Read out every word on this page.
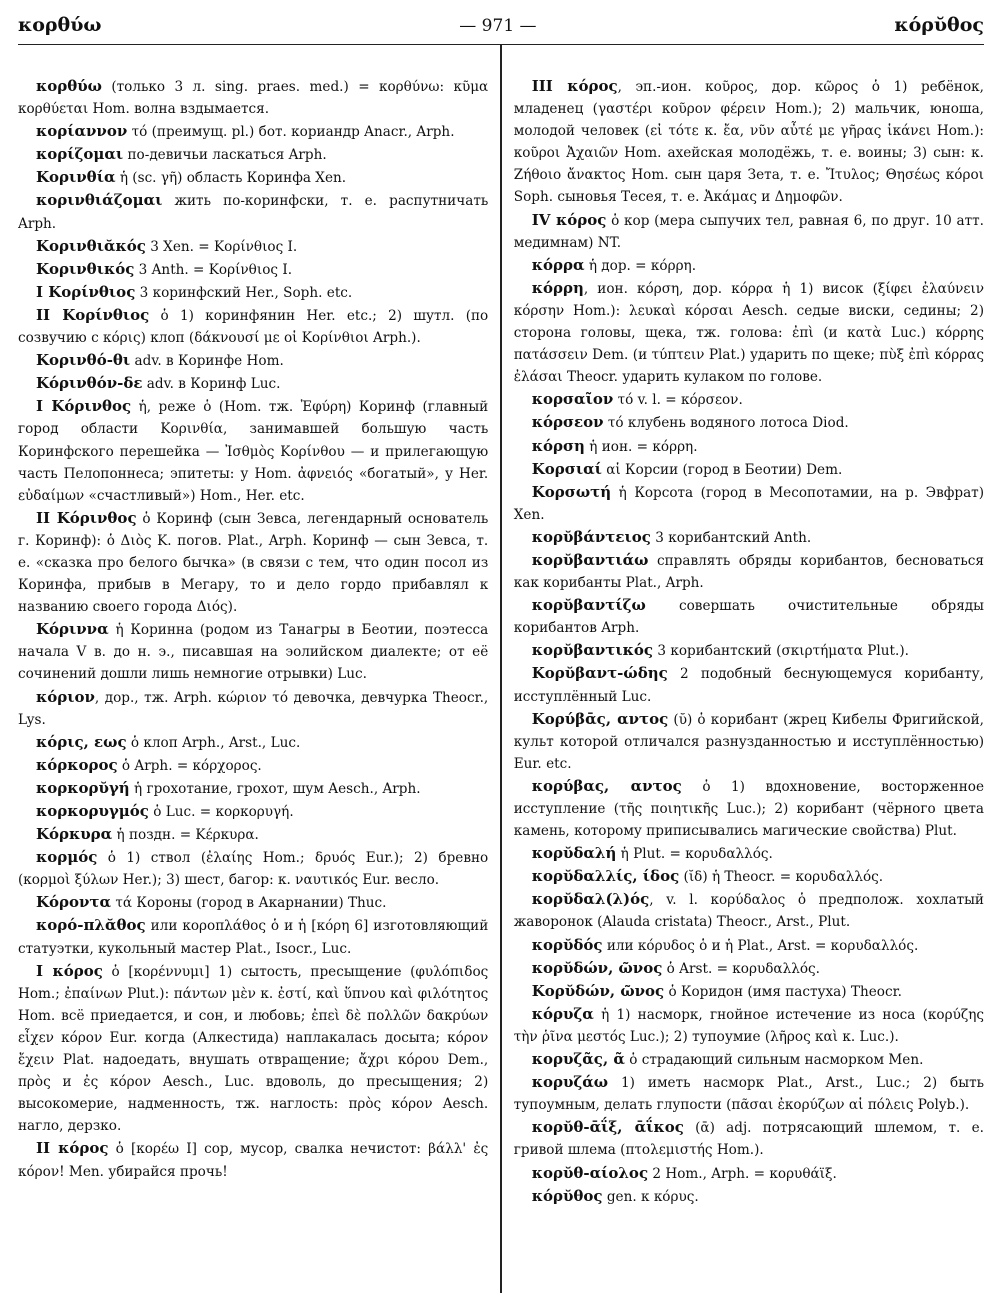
κορθύω	— 971 —	κόρῠθος

κορθύω (только 3 л. sing. praes. med.) = κορθύνω: κῦμα κορθύεται Hom. волна вздымается.

κορίαννον τό (преимущ. pl.) бот. кориандр Anacr., Arph.

κορίζομαι по-девичьи ласкаться Arph.

Κορινθία ἡ (sc. γῆ) область Коринфа Xen.

κορινθιάζομαι жить по-коринфски, т. е. распутничать Arph.

Κορινθιᾰκός 3 Xen. = Κορίνθιος I.

Κορινθικός 3 Anth. = Κορίνθιος I.

I Κορίνθιος 3 коринфский Her., Soph. etc.

II Κορίνθιος ὁ 1) коринфянин Her. etc.; 2) шутл. (по созвучию с κόρις) клоп (δάκνουσί με οἱ Κορίνθιοι Arph.).

Κορινθό-θι adv. в Коринфе Hom.

Κόρινθόν-δε adv. в Коринф Luc.

I Κόρινθος ἡ, реже ὁ (Hom. тж. Ἐφύρη) Коринф (главный город области Κορινθία, занимавшей большую часть Коринфского перешейка — Ἰσθμὸς Κορίνθου — и прилегающую часть Пелопоннеса; эпитеты: у Hom. ἀφνειός «богатый», у Her. εὐδαίμων «счастливый») Hom., Her. etc.

II Κόρινθος ὁ Коринф (сын Зевса, легендарный основатель г. Коринф): ὁ Διὸς Κ. погов. Plat., Arph. Коринф — сын Зевса, т. е. «сказка про белого бычка» (в связи с тем, что один посол из Коринфа, прибыв в Мегару, то и дело гордо прибавлял к названию своего города Διός).

Κόριννα ἡ Коринна (родом из Танагры в Беотии, поэтесса начала V в. до н. э., писавшая на эолийском диалекте; от её сочинений дошли лишь немногие отрывки) Luc.

κόριον, дор., тж. Arph. κώριον τό девочка, девчурка Theocr., Lys.

κόρις, εως ὁ клоп Arph., Arst., Luc.

κόρκορος ὁ Arph. = κόρχορος.

κορκορῠγή ἡ грохотание, грохот, шум Aesch., Arph.

κορκορυγμός ὁ Luc. = κορκορυγή.

Κόρκυρα ἡ поздн. = Κέρκυρα.

κορμός ὁ 1) ствол (ἐλαίης Hom.; δρυός Eur.); 2) бревно (κορμοὶ ξύλων Her.); 3) шест, багор: κ. ναυτικός Eur. весло.

Κόροντα τά Короны (город в Акарнании) Thuc.

κορό-πλᾰθος или κοροπλάθος ὁ и ἡ [κόρη 6] изготовляющий статуэтки, кукольный мастер Plat., Isocr., Luc.

I κόρος ὁ [κορέννυμι] 1) сытость, пресыщение (φυλόπιδος Hom.; ἐπαίνων Plut.): πάντων μὲν κ. ἐστί, καὶ ὕπνου καὶ φιλότητος Hom. всё приедается, и сон, и любовь; ἐπεὶ δὲ πολλῶν δακρύων εἶχεν κόρον Eur. когда (Алкестида) наплакалась досыта; κόρον ἔχειν Plat. надоедать, внушать отвращение; ἄχρι κόρου Dem., πρὸς и ἐς κόρον Aesch., Luc. вдоволь, до пресыщения; 2) высокомерие, надменность, тж. наглость: πρὸς κόρον Aesch. нагло, дерзко.

II κόρος ὁ [κορέω I] сор, мусор, свалка нечистот: βάλλ' ἐς κόρον! Men. убирайся прочь!

III κόρος, эп.-ион. κοῦρος, дор. κῶρος ὁ 1) ребёнок, младенец (γαστέρι κοῦρον φέρειν Hom.); 2) мальчик, юноша, молодой человек (εἰ τότε κ. ἔα, νῦν αὖτέ με γῆρας ἱκάνει Hom.): κοῦροι Ἀχαιῶν Hom. ахейская молодёжь, т. е. воины; 3) сын: κ. Ζήθοιο ἄνακτος Hom. сын царя Зета, т. е. Ἴτυλος; Θησέως κόροι Soph. сыновья Тесея, т. е. Ἀκάμας и Δημοφῶν.

IV κόρος ὁ кор (мера сыпучих тел, равная 6, по друг. 10 атт. медимнам) NT.

κόρρα ἡ дор. = κόρρη.

κόρρη, ион. κόρση, дор. κόρρα ἡ 1) висок (ξίφει ἐλαύνειν κόρσην Hom.): λευκαὶ κόρσαι Aesch. седые виски, седины; 2) сторона головы, щека, тж. голова: ἐπὶ (и κατὰ Luc.) κόρρης πατάσσειν Dem. (и τύπτειν Plat.) ударить по щеке; πὺξ ἐπὶ κόρρας ἐλάσαι Theocr. ударить кулаком по голове.

κορσαῖον τό v. l. = κόρσεον.

κόρσεον τό клубень водяного лотоса Diod.

κόρση ἡ ион. = κόρρη.

Κορσιαί αἱ Корсии (город в Беотии) Dem.

Κορσωτή ἡ Корсота (город в Месопотамии, на р. Эвфрат) Xen.

κορῠβάντειος 3 корибантский Anth.

κορῠβαντιάω справлять обряды корибантов, бесноваться как корибанты Plat., Arph.

κορῠβαντίζω совершать очистительные обряды корибантов Arph.

κορῠβαντικός 3 корибантский (σκιρτήματα Plut.).

Κορῠβαντ-ώδης 2 подобный беснующемуся корибанту, исступлённый Luc.

Κορύβᾱς, αντος (ῠ) ὁ корибант (жрец Кибелы Фригийской, культ которой отличался разнузданностью и исступлённостью) Eur. etc.

κορύβας, αντος ὁ 1) вдохновение, восторженное исступление (τῆς ποιητικῆς Luc.); 2) корибант (чёрного цвета камень, которому приписывались магические свойства) Plut.

κορῠδαλή ἡ Plut. = κορυδαλλός.

κορῠδαλλίς, ίδος (ῐδ) ἡ Theocr. = κορυδαλλός.

κορῠδαλ(λ)ός, v. l. κορύδαλος ὁ предполож. хохлатый жаворонок (Alauda cristata) Theocr., Arst., Plut.

κορῠδός или κόρυδος ὁ и ἡ Plat., Arst. = κορυδαλλός.

κορῠδών, ῶνος ὁ Arst. = κορυδαλλός.

Κορῠδών, ῶνος ὁ Коридон (имя пастуха) Theocr.

κόρυζα ἡ 1) насморк, гнойное истечение из носа (κορύζης τὴν ῥῖνα μεστός Luc.); 2) тупоумие (λῆρος καὶ κ. Luc.).

κορυζᾶς, ᾶ ὁ страдающий сильным насморком Men.

κορυζάω 1) иметь насморк Plat., Arst., Luc.; 2) быть тупоумным, делать глупости (πᾶσαι ἐκορύζων αἱ πόλεις Polyb.).

κορῠθ-ᾱΐξ, ᾱΐκος (ᾱ) adj. потрясающий шлемом, т. е. гривой шлема (πτολεμιστής Hom.).

κορῠθ-αίολος 2 Hom., Arph. = κορυθάϊξ.

κόρῠθος gen. к κόρυς.
